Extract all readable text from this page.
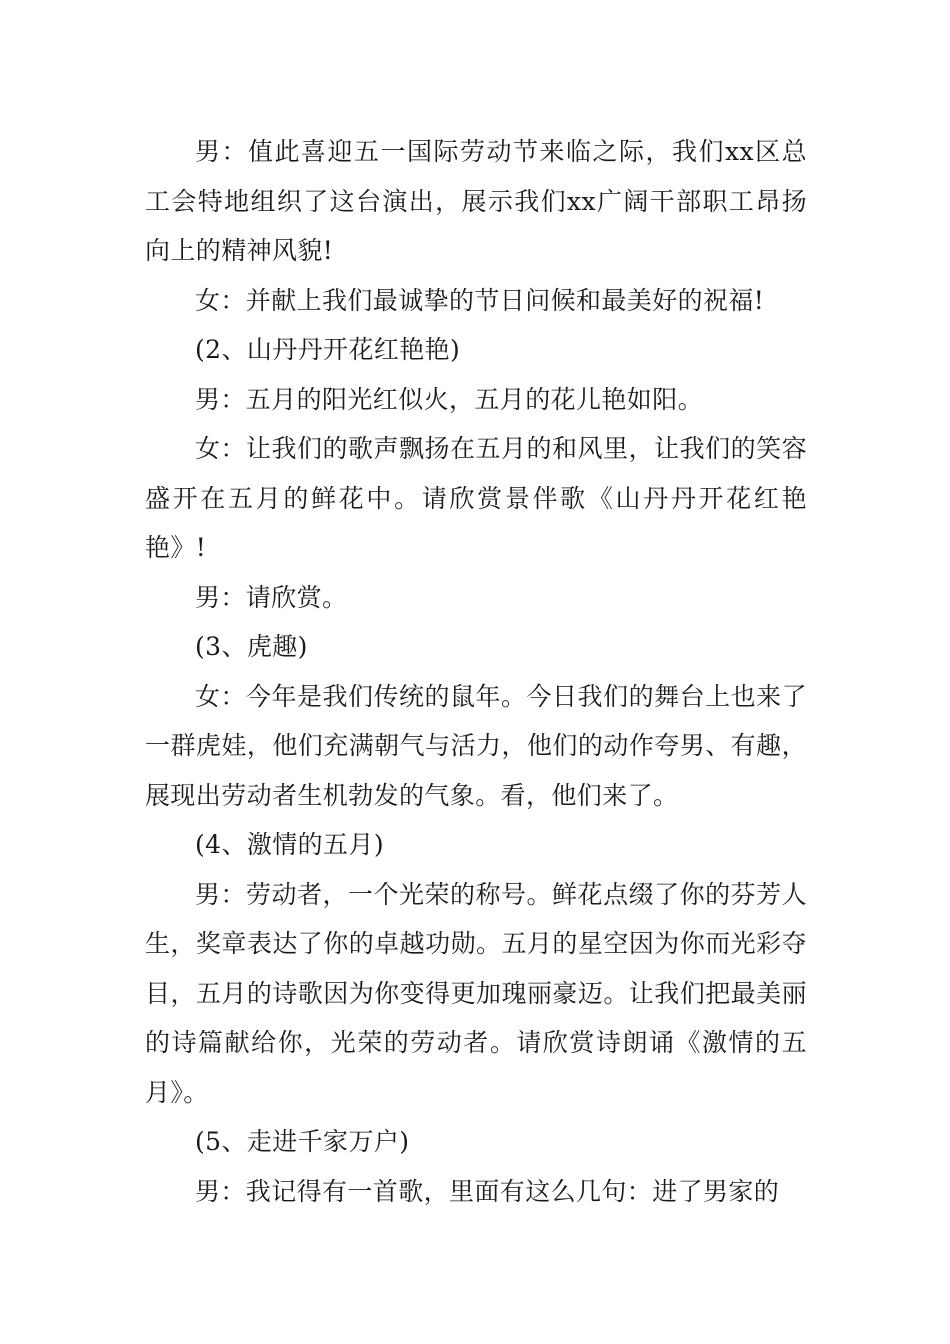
男：值此喜迎五一国际劳动节来临之际，我们xx区总工会特地组织了这台演出，展示我们xx广阔干部职工昂扬向上的精神风貌!

女：并献上我们最诚挚的节日问候和最美好的祝福!

(2、山丹丹开花红艳艳)

男：五月的阳光红似火，五月的花儿艳如阳。

女：让我们的歌声飘扬在五月的和风里，让我们的笑容盛开在五月的鲜花中。请欣赏景伴歌《山丹丹开花红艳艳》!

男：请欣赏。

(3、虎趣)

女：今年是我们传统的鼠年。今日我们的舞台上也来了一群虎娃，他们充满朝气与活力，他们的动作夸男、有趣，展现出劳动者生机勃发的气象。看，他们来了。

(4、激情的五月)

男：劳动者，一个光荣的称号。鲜花点缀了你的芬芳人生，奖章表达了你的卓越功勋。五月的星空因为你而光彩夺目，五月的诗歌因为你变得更加瑰丽豪迈。让我们把最美丽的诗篇献给你，光荣的劳动者。请欣赏诗朗诵《激情的五月》。

(5、走进千家万户)

男：我记得有一首歌，里面有这么几句：进了男家的
